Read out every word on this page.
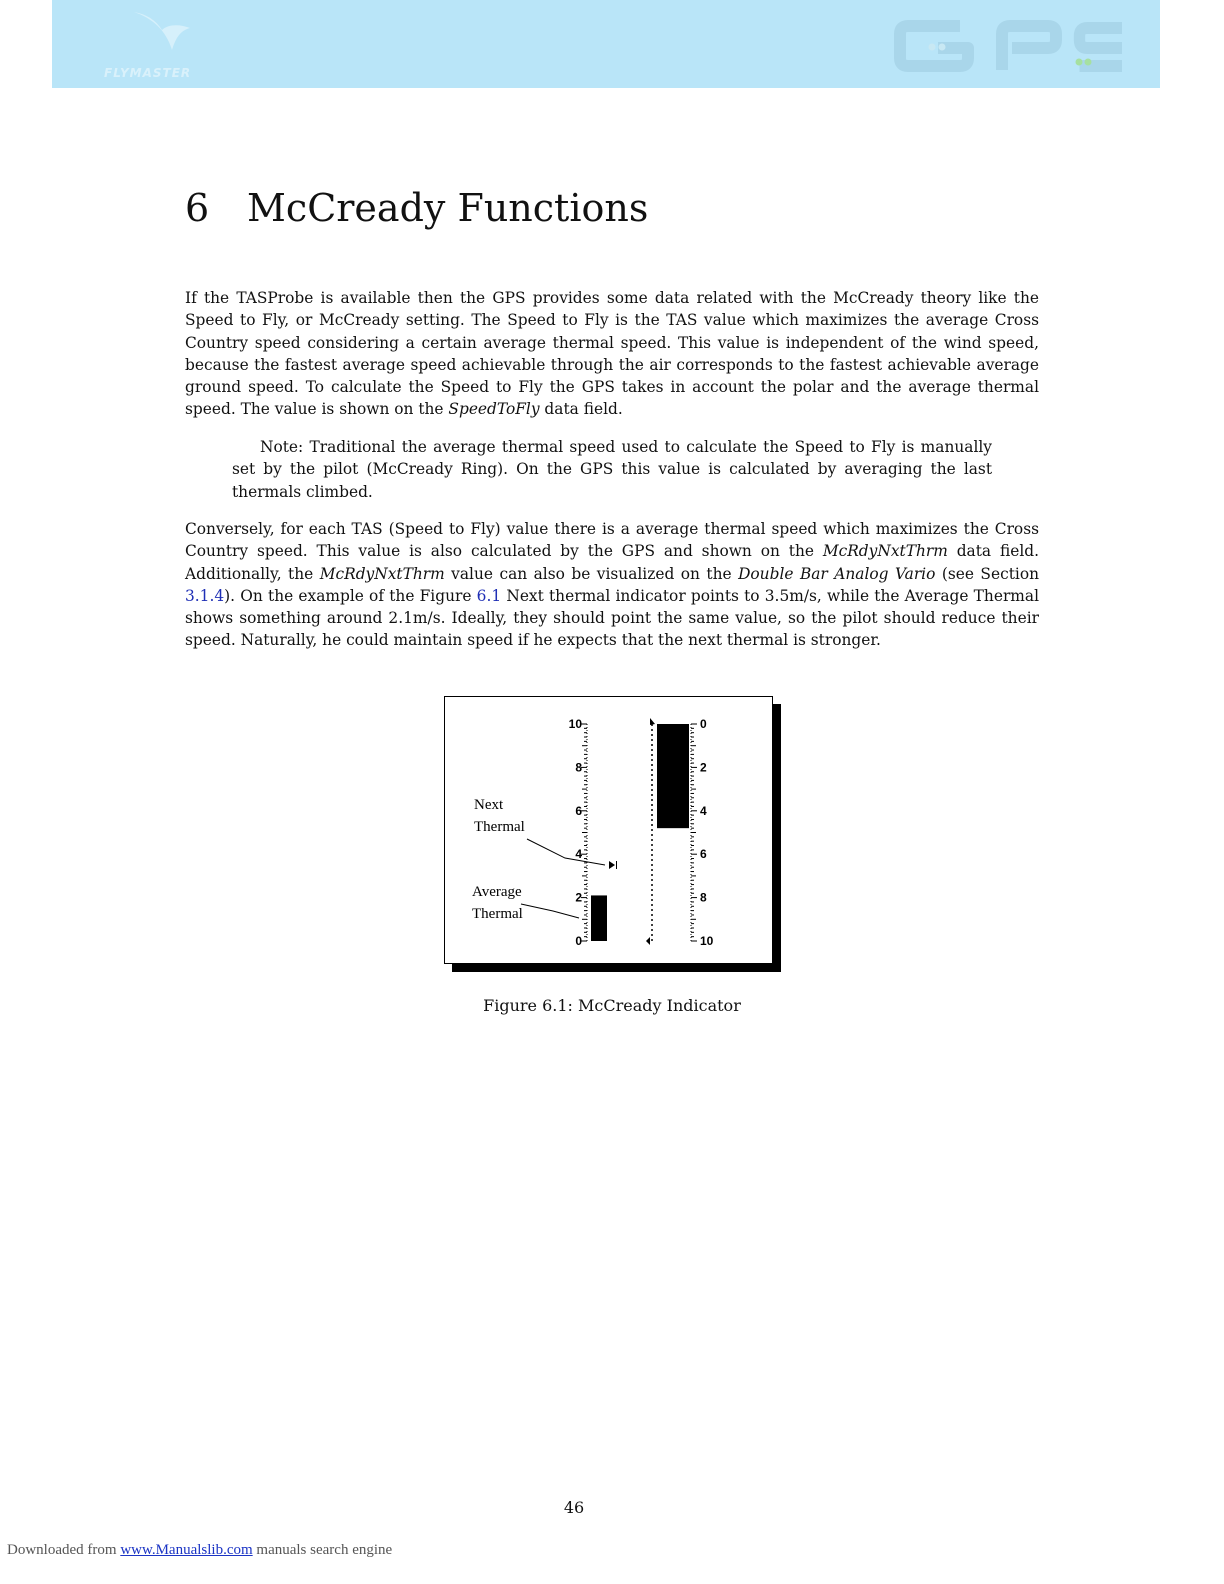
FLYMASTER
6 McCready Functions

If the TASProbe is available then the GPS provides some data related with the McCready theory like the Speed to Fly, or McCready setting. The Speed to Fly is the TAS value which maximizes the average Cross Country speed considering a certain average thermal speed. This value is independent of the wind speed, because the fastest average speed achievable through the air corresponds to the fastest achievable average ground speed. To calculate the Speed to Fly the GPS takes in account the polar and the average thermal speed. The value is shown on the SpeedToFly data field.

Note: Traditional the average thermal speed used to calculate the Speed to Fly is manually set by the pilot (McCready Ring). On the GPS this value is calculated by averaging the last thermals climbed.

Conversely, for each TAS (Speed to Fly) value there is a average thermal speed which maximizes the Cross Country speed. This value is also calculated by the GPS and shown on the McRdyNxtThrm data field. Additionally, the McRdyNxtThrm value can also be visualized on the Double Bar Analog Vario (see Section 3.1.4). On the example of the Figure 6.1 Next thermal indicator points to 3.5m/s, while the Average Thermal shows something around 2.1m/s. Ideally, they should point the same value, so the pilot should reduce their speed. Naturally, he could maintain speed if he expects that the next thermal is stronger.

10
8
6
4
2
0
0
2
4
6
8
10
Next
Thermal
Average
Thermal

Figure 6.1: McCready Indicator

46
Downloaded from www.Manualslib.com manuals search engine
